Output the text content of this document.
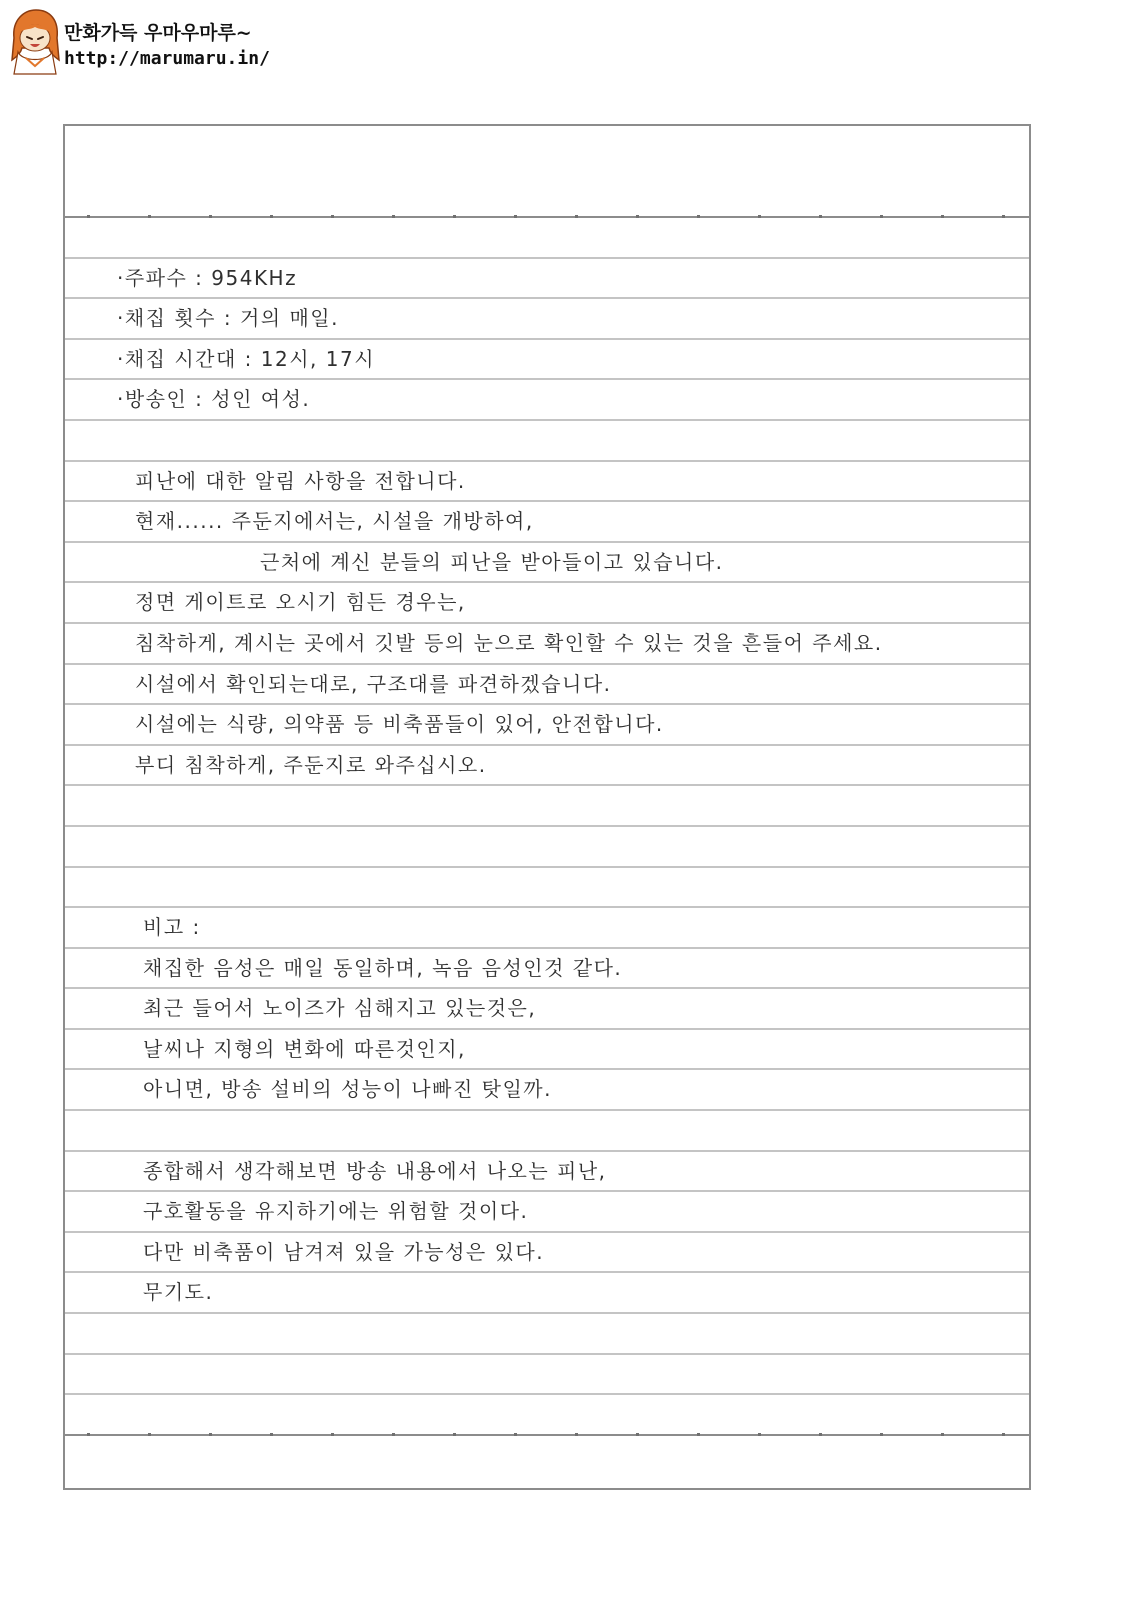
만화가득 우마우마루~
http://marumaru.in/
·주파수 : 954KHz
·채집 횟수 : 거의 매일.
·채집 시간대 : 12시, 17시
·방송인 : 성인 여성.
피난에 대한 알림 사항을 전합니다.
현재...... 주둔지에서는, 시설을 개방하여,
근처에 계신 분들의 피난을 받아들이고 있습니다.
정면 게이트로 오시기 힘든 경우는,
침착하게, 계시는 곳에서 깃발 등의 눈으로 확인할 수 있는 것을 흔들어 주세요.
시설에서 확인되는대로, 구조대를 파견하겠습니다.
시설에는 식량, 의약품 등 비축품들이 있어, 안전합니다.
부디 침착하게, 주둔지로 와주십시오.
비고 :
채집한 음성은 매일 동일하며, 녹음 음성인것 같다.
최근 들어서 노이즈가 심해지고 있는것은,
날씨나 지형의 변화에 따른것인지,
아니면, 방송 설비의 성능이 나빠진 탓일까.
종합해서 생각해보면 방송 내용에서 나오는 피난,
구호활동을 유지하기에는 위험할 것이다.
다만 비축품이 남겨져 있을 가능성은 있다.
무기도.
